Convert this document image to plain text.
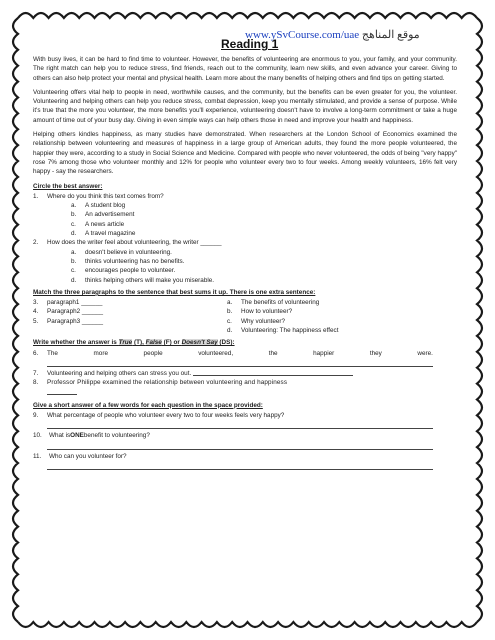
www.ySvCourse.com/uae موقع المناهج
Reading 1

With busy lives, it can be hard to find time to volunteer. However, the benefits of volunteering are enormous to you, your family, and your community. The right match can help you to reduce stress, find friends, reach out to the community, learn new skills, and even advance your career. Giving to others can also help protect your mental and physical health. Learn more about the many benefits of helping others and find tips on getting started.

Volunteering offers vital help to people in need, worthwhile causes, and the community, but the benefits can be even greater for you, the volunteer. Volunteering and helping others can help you reduce stress, combat depression, keep you mentally stimulated, and provide a sense of purpose. While it's true that the more you volunteer, the more benefits you'll experience, volunteering doesn't have to involve a long-term commitment or take a huge amount of time out of your busy day. Giving in even simple ways can help others those in need and improve your health and happiness.

Helping others kindles happiness, as many studies have demonstrated. When researchers at the London School of Economics examined the relationship between volunteering and measures of happiness in a large group of American adults, they found the more people volunteered, the happier they were, according to a study in Social Science and Medicine. Compared with people who never volunteered, the odds of being "very happy" rose 7% among those who volunteer monthly and 12% for people who volunteer every two to four weeks. Among weekly volunteers, 16% felt very happy - say the researchers.

Circle the best answer:
1.	Where do you think this text comes from?
a.	A student blog
b.	An advertisement
c.	A news article
d.	A travel magazine
2.	How does the writer feel about volunteering, the writer ______
a.	doesn't believe in volunteering.
b.	thinks volunteering has no benefits.
c.	encourages people to volunteer.
d.	thinks helping others will make you miserable.
Match the three paragraphs to the sentence that best sums it up. There is one extra sentence:
3.	paragraph1 ______
4.	Paragraph2 ______
5.	Paragraph3 ______
a.	The benefits of volunteering
b.	How to volunteer?
c.	Why volunteer?
d.	Volunteering: The happiness effect
Write whether the answer is True (T), False (F) or Doesn't Say (DS):
6.	The	more	people	volunteered,	the	happier	they	were.
7.	Volunteering and helping others can stress you out.
8.	Professor Philippe examined the relationship between volunteering and happiness
Give a short answer of a few words for each question in the space provided:
9.	What percentage of people who volunteer every two to four weeks feels very happy?
10.	What is ONE benefit to volunteering?
11.	Who can you volunteer for?
